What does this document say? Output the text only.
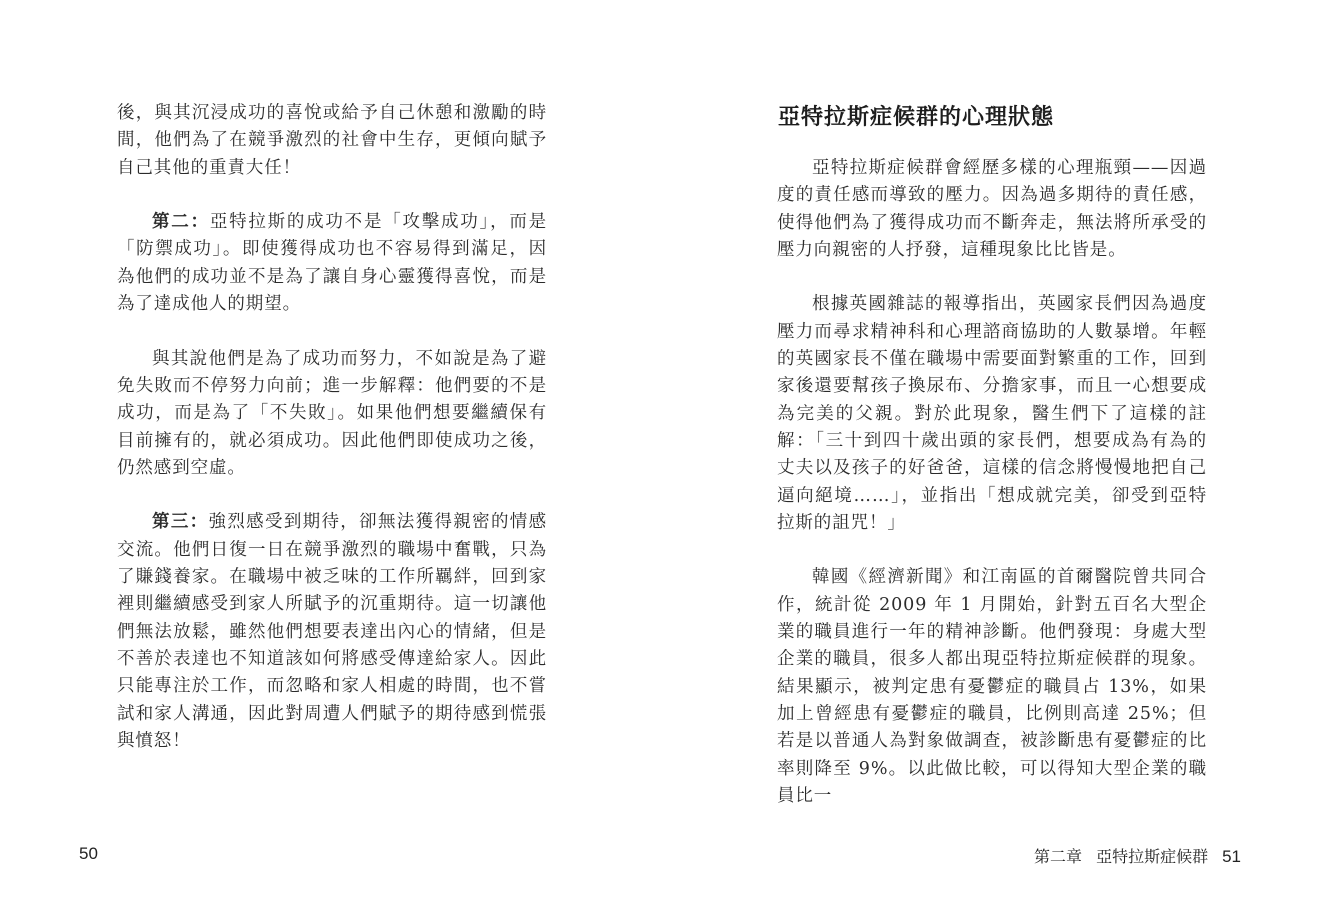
後，與其沉浸成功的喜悅或給予自己休憩和激勵的時間，他們為了在競爭激烈的社會中生存，更傾向賦予自己其他的重責大任！

第二：亞特拉斯的成功不是「攻擊成功」，而是「防禦成功」。即使獲得成功也不容易得到滿足，因為他們的成功並不是為了讓自身心靈獲得喜悅，而是為了達成他人的期望。

與其說他們是為了成功而努力，不如說是為了避免失敗而不停努力向前；進一步解釋：他們要的不是成功，而是為了「不失敗」。如果他們想要繼續保有目前擁有的，就必須成功。因此他們即使成功之後，仍然感到空虛。

第三：強烈感受到期待，卻無法獲得親密的情感交流。他們日復一日在競爭激烈的職場中奮戰，只為了賺錢養家。在職場中被乏味的工作所羈絆，回到家裡則繼續感受到家人所賦予的沉重期待。這一切讓他們無法放鬆，雖然他們想要表達出內心的情緒，但是不善於表達也不知道該如何將感受傳達給家人。因此只能專注於工作，而忽略和家人相處的時間，也不嘗試和家人溝通，因此對周遭人們賦予的期待感到慌張與憤怒！

50
亞特拉斯症候群的心理狀態

亞特拉斯症候群會經歷多樣的心理瓶頸——因過度的責任感而導致的壓力。因為過多期待的責任感，使得他們為了獲得成功而不斷奔走，無法將所承受的壓力向親密的人抒發，這種現象比比皆是。

根據英國雜誌的報導指出，英國家長們因為過度壓力而尋求精神科和心理諮商協助的人數暴增。年輕的英國家長不僅在職場中需要面對繁重的工作，回到家後還要幫孩子換尿布、分擔家事，而且一心想要成為完美的父親。對於此現象，醫生們下了這樣的註解：「三十到四十歲出頭的家長們，想要成為有為的丈夫以及孩子的好爸爸，這樣的信念將慢慢地把自己逼向絕境……」，並指出「想成就完美，卻受到亞特拉斯的詛咒！」

韓國《經濟新聞》和江南區的首爾醫院曾共同合作，統計從 2009 年 1 月開始，針對五百名大型企業的職員進行一年的精神診斷。他們發現：身處大型企業的職員，很多人都出現亞特拉斯症候群的現象。結果顯示，被判定患有憂鬱症的職員占 13%，如果加上曾經患有憂鬱症的職員，比例則高達 25%；但若是以普通人為對象做調查，被診斷患有憂鬱症的比率則降至 9%。以此做比較，可以得知大型企業的職員比一

第二章 亞特拉斯症候群 51
